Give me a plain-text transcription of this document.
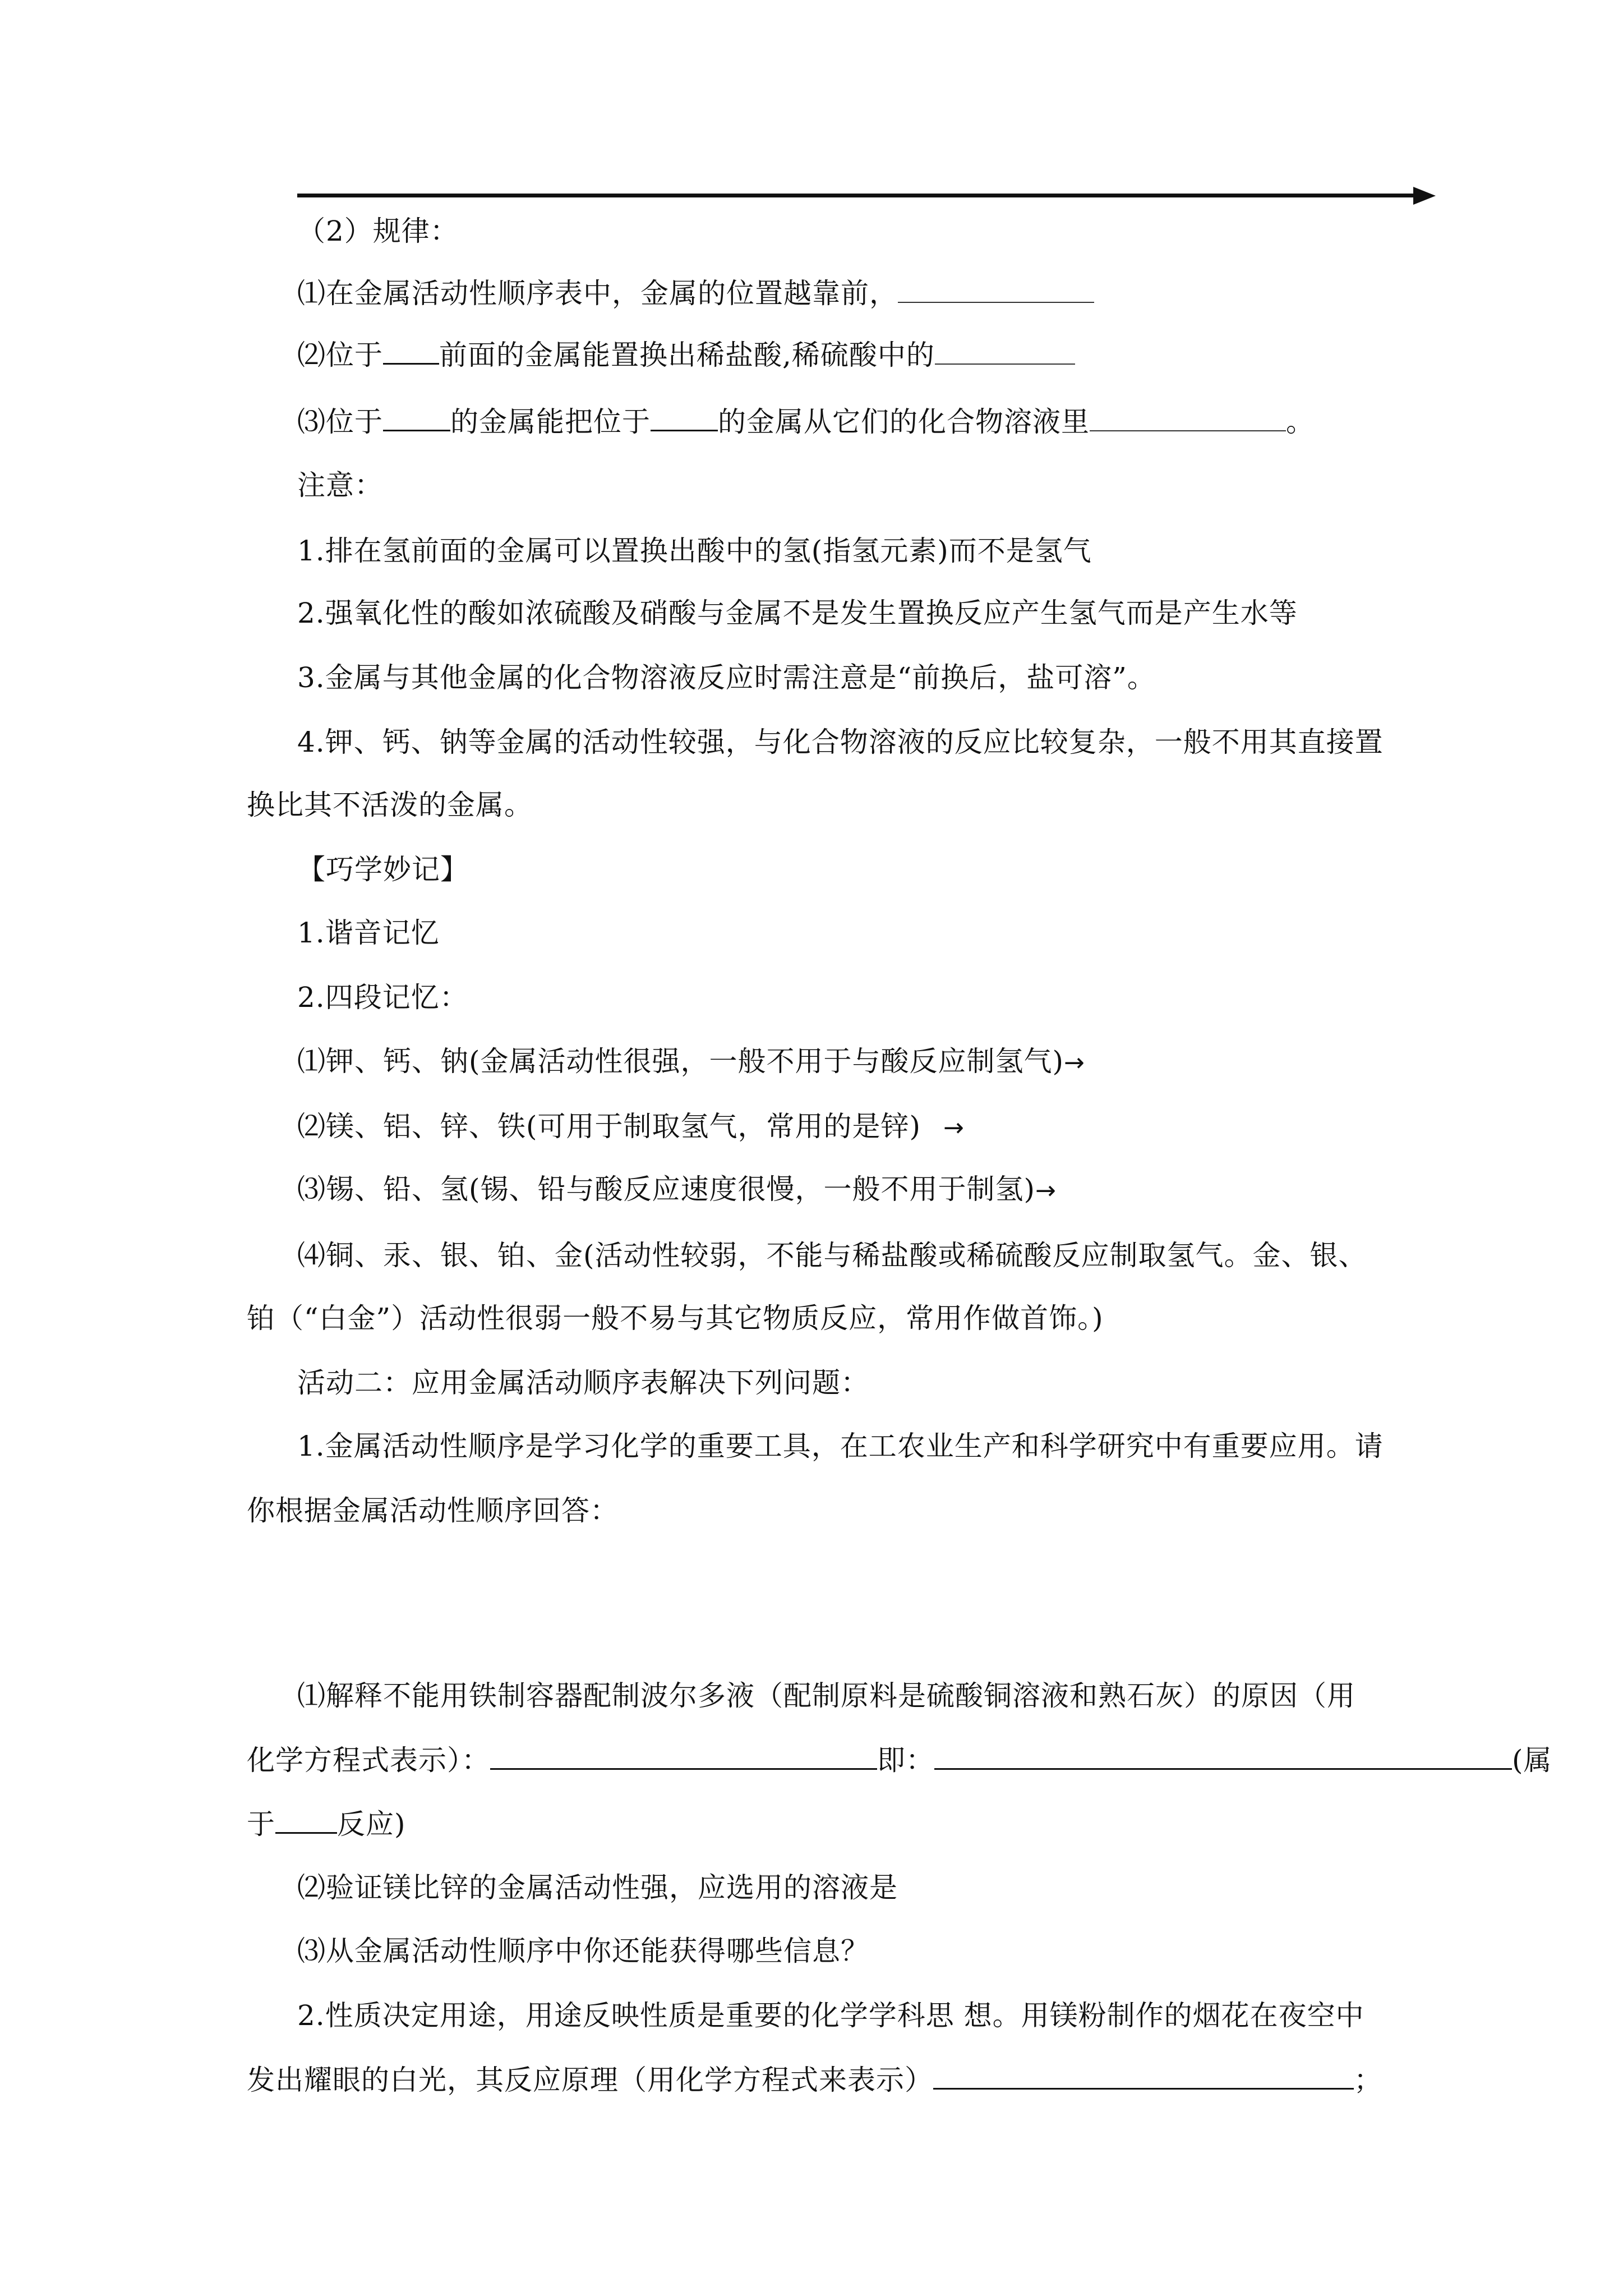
（2）规律：
⑴在金属活动性顺序表中，金属的位置越靠前，
⑵位于 前面的金属能置换出稀盐酸,稀硫酸中的
⑶位于 的金属能把位于 的金属从它们的化合物溶液里	。
注意：
1.排在氢前面的金属可以置换出酸中的氢(指氢元素)而不是氢气
2.强氧化性的酸如浓硫酸及硝酸与金属不是发生置换反应产生氢气而是产生水等
3.金属与其他金属的化合物溶液反应时需注意是“前换后，盐可溶”。
4.钾、钙、钠等金属的活动性较强，与化合物溶液的反应比较复杂，一般不用其直接置
换比其不活泼的金属。
【巧学妙记】
1.谐音记忆
2.四段记忆：
⑴钾、钙、钠(金属活动性很强，一般不用于与酸反应制氢气)→
⑵镁、铝、锌、铁(可用于制取氢气，常用的是锌) →
⑶锡、铅、氢(锡、铅与酸反应速度很慢，一般不用于制氢)→
⑷铜、汞、银、铂、金(活动性较弱，不能与稀盐酸或稀硫酸反应制取氢气。金、银、
铂（“白金”）活动性很弱一般不易与其它物质反应，常用作做首饰。)
活动二：应用金属活动顺序表解决下列问题：
1.金属活动性顺序是学习化学的重要工具，在工农业生产和科学研究中有重要应用。请
你根据金属活动性顺序回答：
⑴解释不能用铁制容器配制波尔多液（配制原料是硫酸铜溶液和熟石灰）的原因（用
化学方程式表示）：	即：	(属
于 反应)
⑵验证镁比锌的金属活动性强，应选用的溶液是
⑶从金属活动性顺序中你还能获得哪些信息？
2.性质决定用途，用途反映性质是重要的化学学科思 想。用镁粉制作的烟花在夜空中
发出耀眼的白光，其反应原理（用化学方程式来表示）	；
